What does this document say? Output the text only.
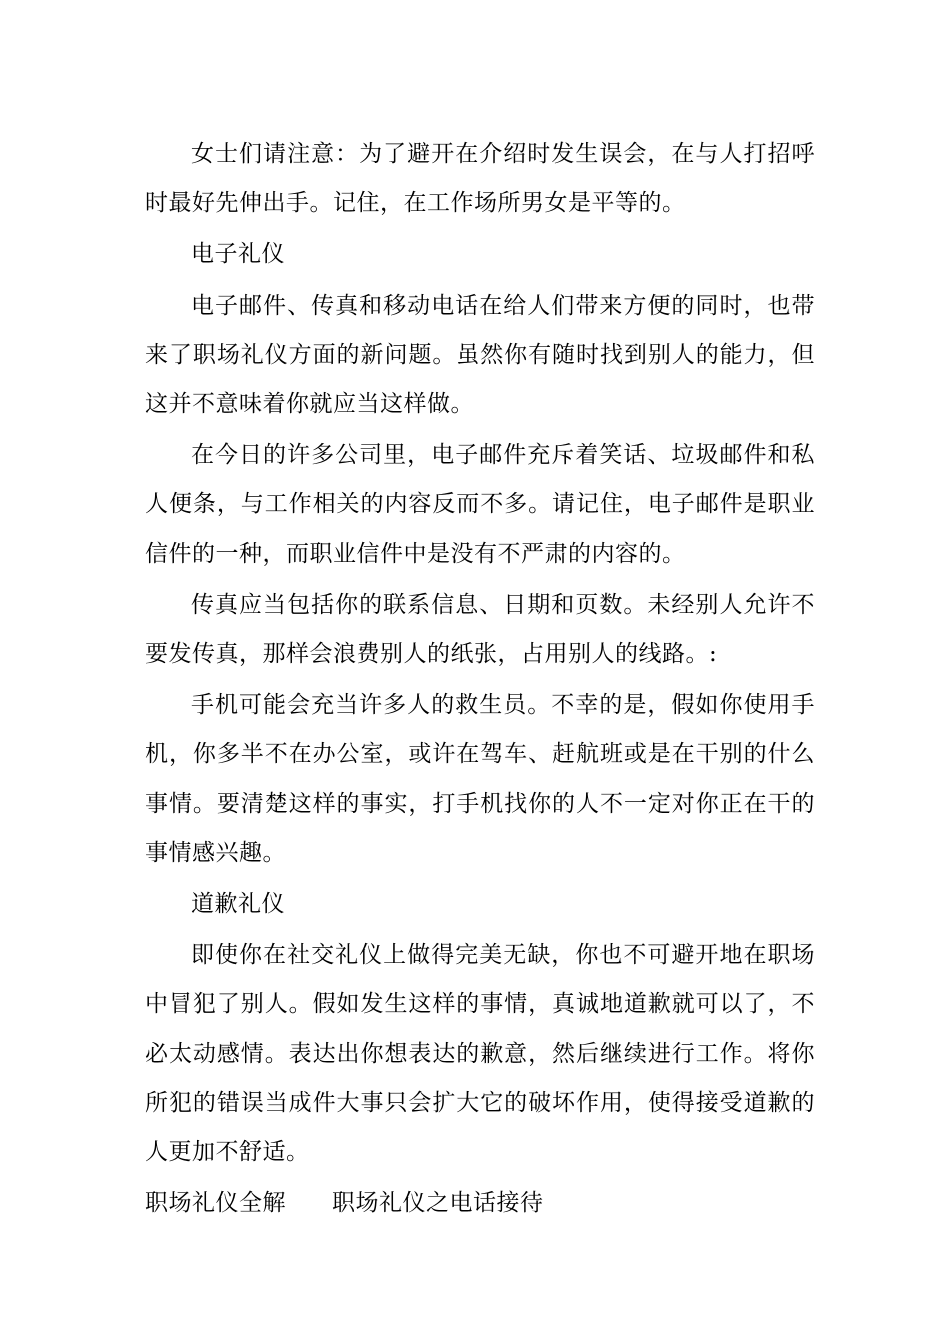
女士们请注意：为了避开在介绍时发生误会，在与人打招呼时最好先伸出手。记住，在工作场所男女是平等的。

电子礼仪

电子邮件、传真和移动电话在给人们带来方便的同时，也带来了职场礼仪方面的新问题。虽然你有随时找到别人的能力，但这并不意味着你就应当这样做。

在今日的许多公司里，电子邮件充斥着笑话、垃圾邮件和私人便条，与工作相关的内容反而不多。请记住，电子邮件是职业信件的一种，而职业信件中是没有不严肃的内容的。

传真应当包括你的联系信息、日期和页数。未经别人允许不要发传真，那样会浪费别人的纸张，占用别人的线路。:

手机可能会充当许多人的救生员。不幸的是，假如你使用手机，你多半不在办公室，或许在驾车、赶航班或是在干别的什么事情。要清楚这样的事实，打手机找你的人不一定对你正在干的事情感兴趣。

道歉礼仪

即使你在社交礼仪上做得完美无缺，你也不可避开地在职场中冒犯了别人。假如发生这样的事情，真诚地道歉就可以了，不必太动感情。表达出你想表达的歉意，然后继续进行工作。将你所犯的错误当成件大事只会扩大它的破坏作用，使得接受道歉的人更加不舒适。

职场礼仪全解 职场礼仪之电话接待
